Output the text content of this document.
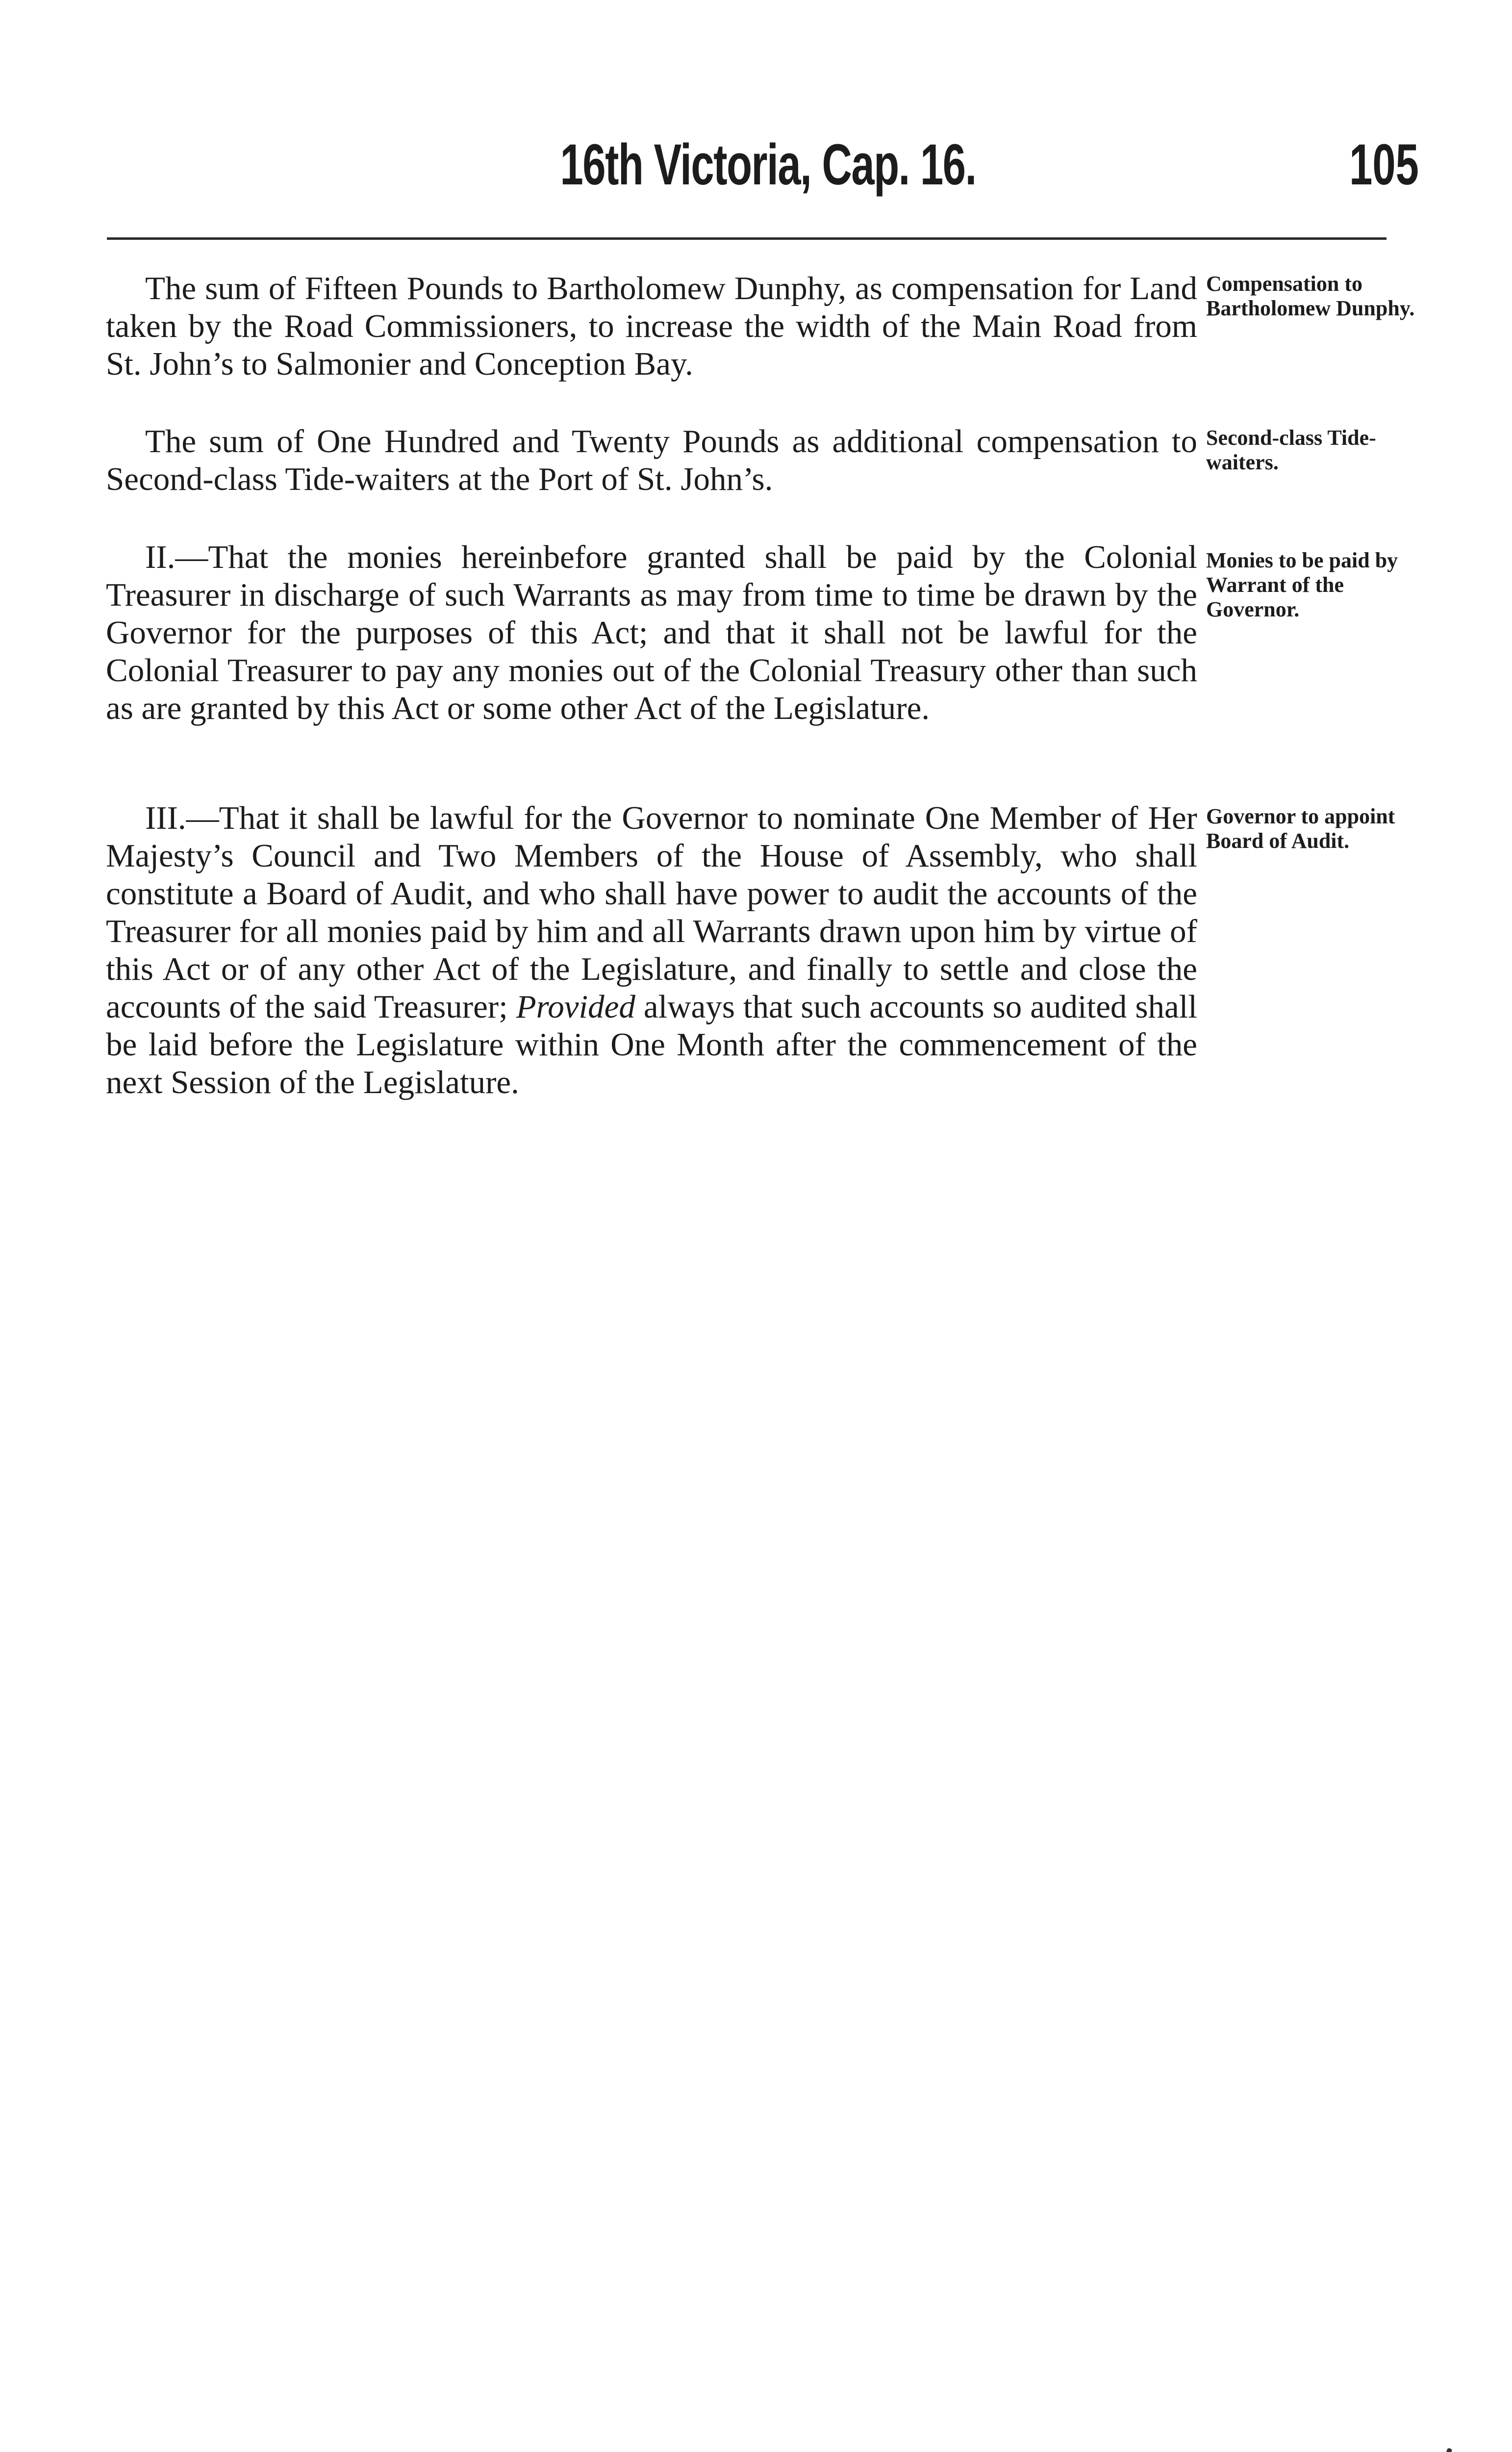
16th Victoria, Cap. 16.	105

The sum of Fifteen Pounds to Bartholomew Dunphy, as compensation for Land taken by the Road Commissioners, to increase the width of the Main Road from St. John’s to Salmonier and Conception Bay.

The sum of One Hundred and Twenty Pounds as additional compensation to Second-class Tide-waiters at the Port of St. John’s.

II.—That the monies hereinbefore granted shall be paid by the Colonial Treasurer in discharge of such Warrants as may from time to time be drawn by the Governor for the purposes of this Act; and that it shall not be lawful for the Colonial Treasurer to pay any monies out of the Colonial Treasury other than such as are granted by this Act or some other Act of the Legislature.

III.—That it shall be lawful for the Governor to nominate One Member of Her Majesty’s Council and Two Members of the House of Assembly, who shall constitute a Board of Audit, and who shall have power to audit the accounts of the Treasurer for all monies paid by him and all Warrants drawn upon him by virtue of this Act or of any other Act of the Legislature, and finally to settle and close the accounts of the said Treasurer; Provided always that such accounts so audited shall be laid before the Legislature within One Month after the commencement of the next Session of the Legislature.

Compensation to Bartholomew Dunphy.
Second-class Tide-waiters.
Monies to be paid by Warrant of the Governor.
Governor to appoint Board of Audit.
